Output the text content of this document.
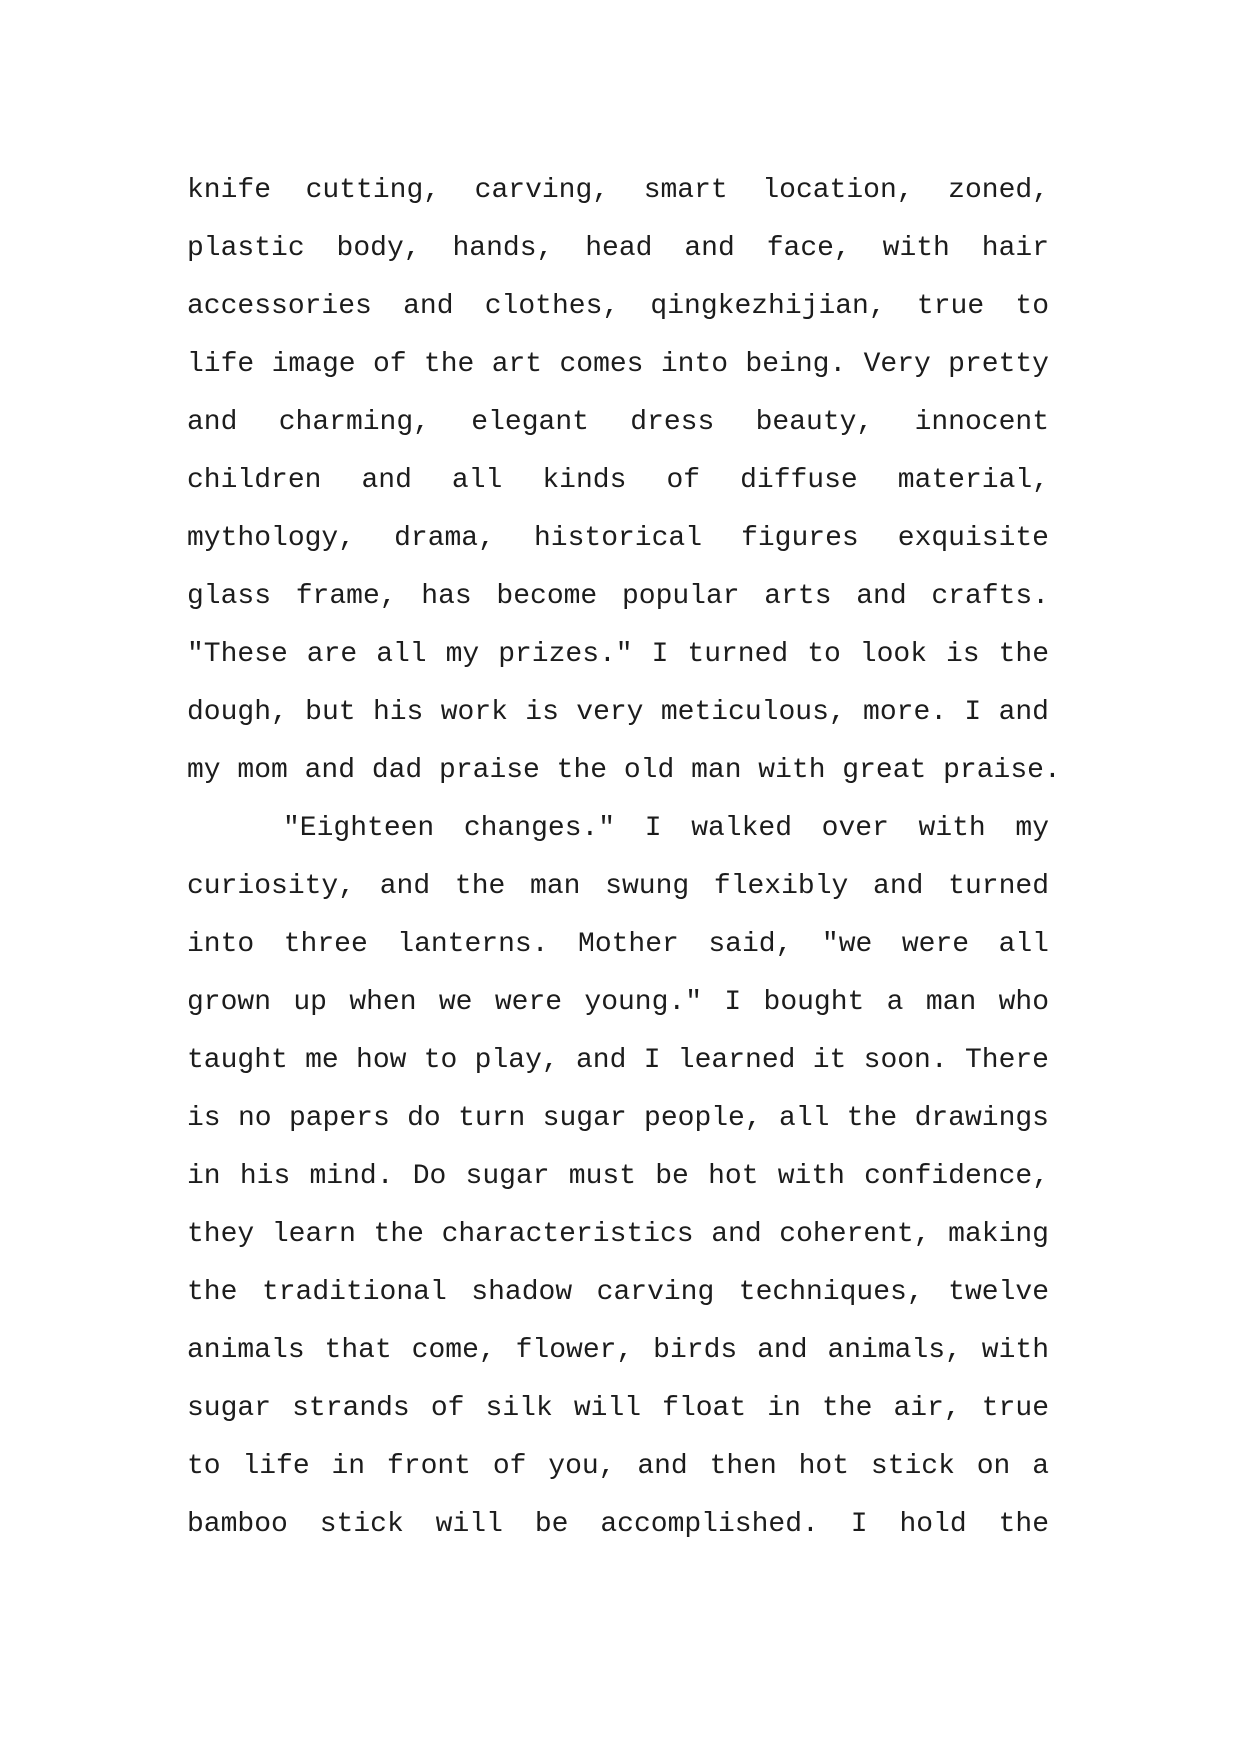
knife cutting, carving, smart location, zoned,
plastic body, hands, head and face, with hair
accessories and clothes, qingkezhijian, true to
life image of the art comes into being. Very pretty
and charming, elegant dress beauty, innocent
children and all kinds of diffuse material,
mythology, drama, historical figures exquisite
glass frame, has become popular arts and crafts.
"These are all my prizes." I turned to look is the
dough, but his work is very meticulous, more. I and
my mom and dad praise the old man with great praise.
"Eighteen changes." I walked over with my
curiosity, and the man swung flexibly and turned
into three lanterns. Mother said, "we were all
grown up when we were young." I bought a man who
taught me how to play, and I learned it soon. There
is no papers do turn sugar people, all the drawings
in his mind. Do sugar must be hot with confidence,
they learn the characteristics and coherent, making
the traditional shadow carving techniques, twelve
animals that come, flower, birds and animals, with
sugar strands of silk will float in the air, true
to life in front of you, and then hot stick on a
bamboo stick will be accomplished. I hold the
